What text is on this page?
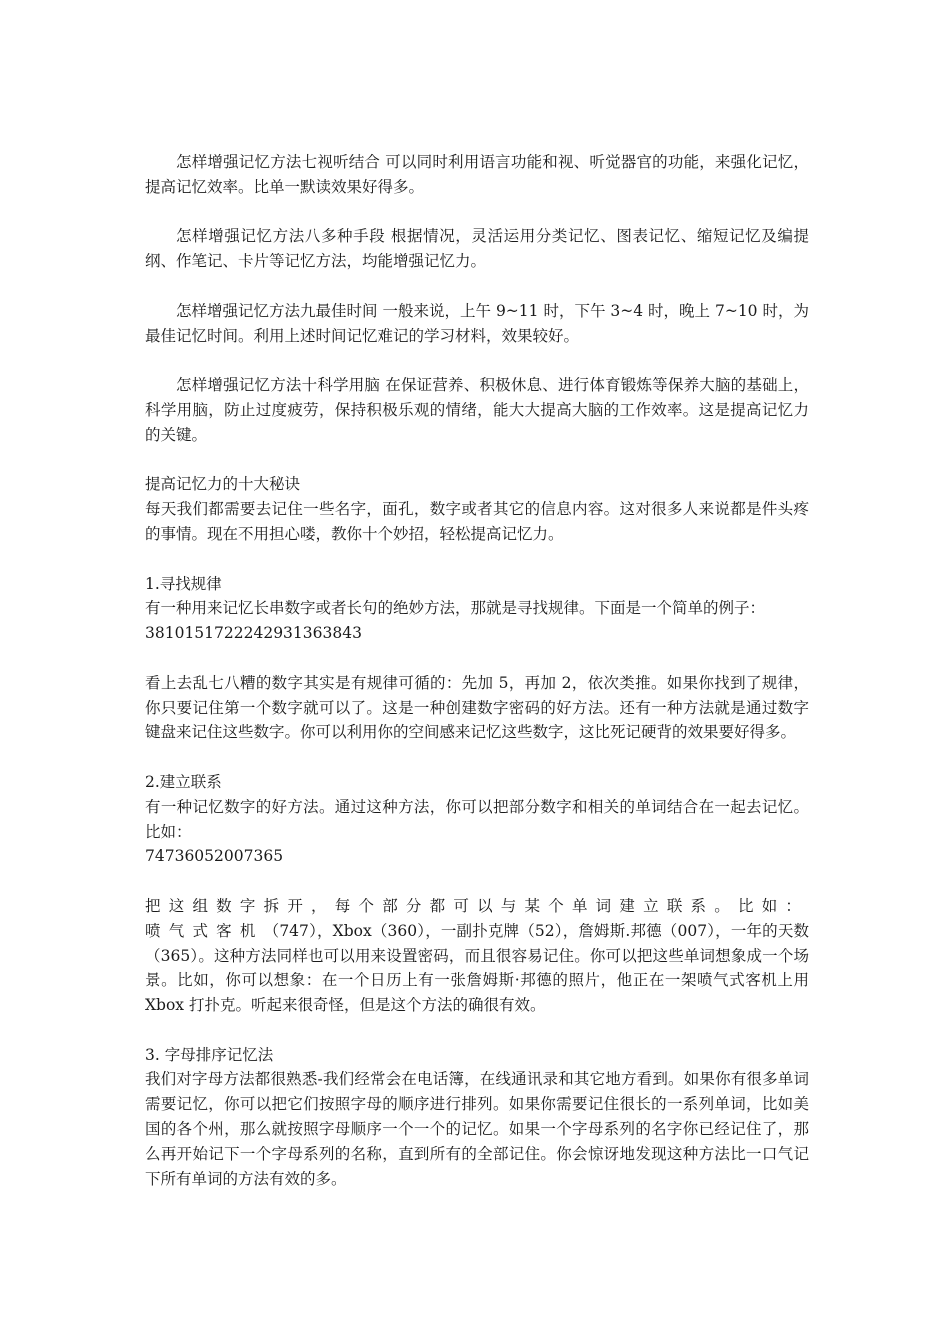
怎样增强记忆方法七视听结合 可以同时利用语言功能和视、听觉器官的功能，来强化记忆，提高记忆效率。比单一默读效果好得多。

怎样增强记忆方法八多种手段 根据情况，灵活运用分类记忆、图表记忆、缩短记忆及编提纲、作笔记、卡片等记忆方法，均能增强记忆力。

怎样增强记忆方法九最佳时间 一般来说，上午 9~11 时，下午 3~4 时，晚上 7~10 时，为最佳记忆时间。利用上述时间记忆难记的学习材料，效果较好。

怎样增强记忆方法十科学用脑 在保证营养、积极休息、进行体育锻炼等保养大脑的基础上，科学用脑，防止过度疲劳，保持积极乐观的情绪，能大大提高大脑的工作效率。这是提高记忆力的关键。

提高记忆力的十大秘诀

每天我们都需要去记住一些名字，面孔，数字或者其它的信息内容。这对很多人来说都是件头疼的事情。现在不用担心喽，教你十个妙招，轻松提高记忆力。

1.寻找规律

有一种用来记忆长串数字或者长句的绝妙方法，那就是寻找规律。下面是一个简单的例子：

3810151722242931363843

看上去乱七八糟的数字其实是有规律可循的：先加 5，再加 2，依次类推。如果你找到了规律，你只要记住第一个数字就可以了。这是一种创建数字密码的好方法。还有一种方法就是通过数字键盘来记住这些数字。你可以利用你的空间感来记忆这些数字，这比死记硬背的效果要好得多。

2.建立联系

有一种记忆数字的好方法。通过这种方法，你可以把部分数字和相关的单词结合在一起去记忆。比如：

74736052007365

把这组数字拆开，每个部分都可以与某个单词建立联系。比如：喷气式客机（747），Xbox（360），一副扑克牌（52），詹姆斯.邦德（007），一年的天数（365）。这种方法同样也可以用来设置密码，而且很容易记住。你可以把这些单词想象成一个场景。比如，你可以想象：在一个日历上有一张詹姆斯·邦德的照片，他正在一架喷气式客机上用 Xbox 打扑克。听起来很奇怪，但是这个方法的确很有效。

3. 字母排序记忆法

我们对字母方法都很熟悉-我们经常会在电话簿，在线通讯录和其它地方看到。如果你有很多单词需要记忆，你可以把它们按照字母的顺序进行排列。如果你需要记住很长的一系列单词，比如美国的各个州，那么就按照字母顺序一个一个的记忆。如果一个字母系列的名字你已经记住了，那么再开始记下一个字母系列的名称，直到所有的全部记住。你会惊讶地发现这种方法比一口气记下所有单词的方法有效的多。
